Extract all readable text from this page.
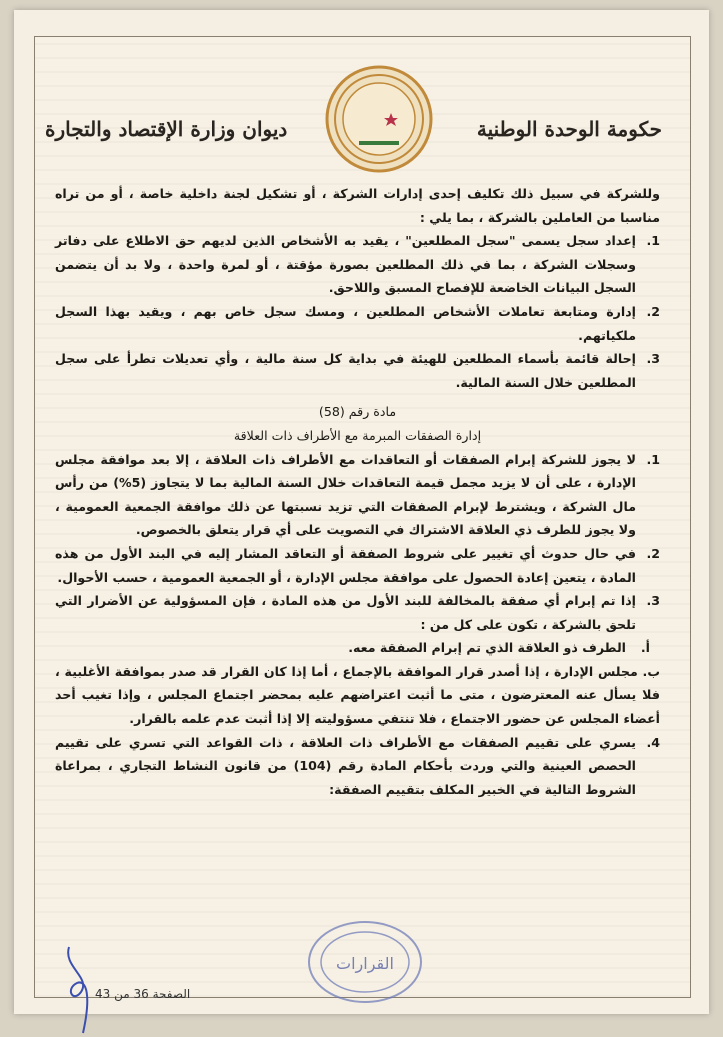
حكومة الوحدة الوطنية
ديوان وزارة الإقتصاد والتجارة

وللشركة في سبيل ذلك تكليف إحدى إدارات الشركة ، أو تشكيل لجنة داخلية خاصة ، أو من تراه مناسبا من العاملين بالشركة ، بما يلي :

1.
إعداد سجل يسمى "سجل المطلعين" ، يقيد به الأشخاص الذين لديهم حق الاطلاع على دفاتر وسجلات الشركة ، بما في ذلك المطلعين بصورة مؤقتة ، أو لمرة واحدة ، ولا بد أن يتضمن السجل البيانات الخاضعة للإفصاح المسبق واللاحق.
2.
إدارة ومتابعة تعاملات الأشخاص المطلعين ، ومسك سجل خاص بهم ، ويقيد بهذا السجل ملكياتهم.
3.
إحالة قائمة بأسماء المطلعين للهيئة في بداية كل سنة مالية ، وأي تعديلات تطرأ على سجل المطلعين خلال السنة المالية.

مادة رقم (58)

إدارة الصفقات المبرمة مع الأطراف ذات العلاقة

1.
لا يجوز للشركة إبرام الصفقات أو التعاقدات مع الأطراف ذات العلاقة ، إلا بعد موافقة مجلس الإدارة ، على أن لا يزيد مجمل قيمة التعاقدات خلال السنة المالية بما لا يتجاوز (5%) من رأس مال الشركة ، ويشترط لإبرام الصفقات التي تزيد نسبتها عن ذلك موافقة الجمعية العمومية ، ولا يجوز للطرف ذي العلاقة الاشتراك في التصويت على أي قرار يتعلق بالخصوص.
2.
في حال حدوث أي تغيير على شروط الصفقة أو التعاقد المشار إليه في البند الأول من هذه المادة ، يتعين إعادة الحصول على موافقة مجلس الإدارة ، أو الجمعية العمومية ، حسب الأحوال.
3.
إذا تم إبرام أي صفقة بالمخالفة للبند الأول من هذه المادة ، فإن المسؤولية عن الأضرار التي تلحق بالشركة ، تكون على كل من :
أ.
الطرف ذو العلاقة الذي تم إبرام الصفقة معه.

ب. مجلس الإدارة ، إذا أصدر قرار الموافقة بالإجماع ، أما إذا كان القرار قد صدر بموافقة الأغلبية ، فلا يسأل عنه المعترضون ، متى ما أثبت اعتراضهم عليه بمحضر اجتماع المجلس ، وإذا تغيب أحد أعضاء المجلس عن حضور الاجتماع ، فلا تنتفي مسؤوليته إلا إذا أثبت عدم علمه بالقرار.

4.
يسري على تقييم الصفقات مع الأطراف ذات العلاقة ، ذات القواعد التي تسري على تقييم الحصص العينية والتي وردت بأحكام المادة رقم (104) من قانون النشاط التجاري ، بمراعاة الشروط التالية في الخبير المكلف بتقييم الصفقة:
القرارات
الصفحة 36 من 43
